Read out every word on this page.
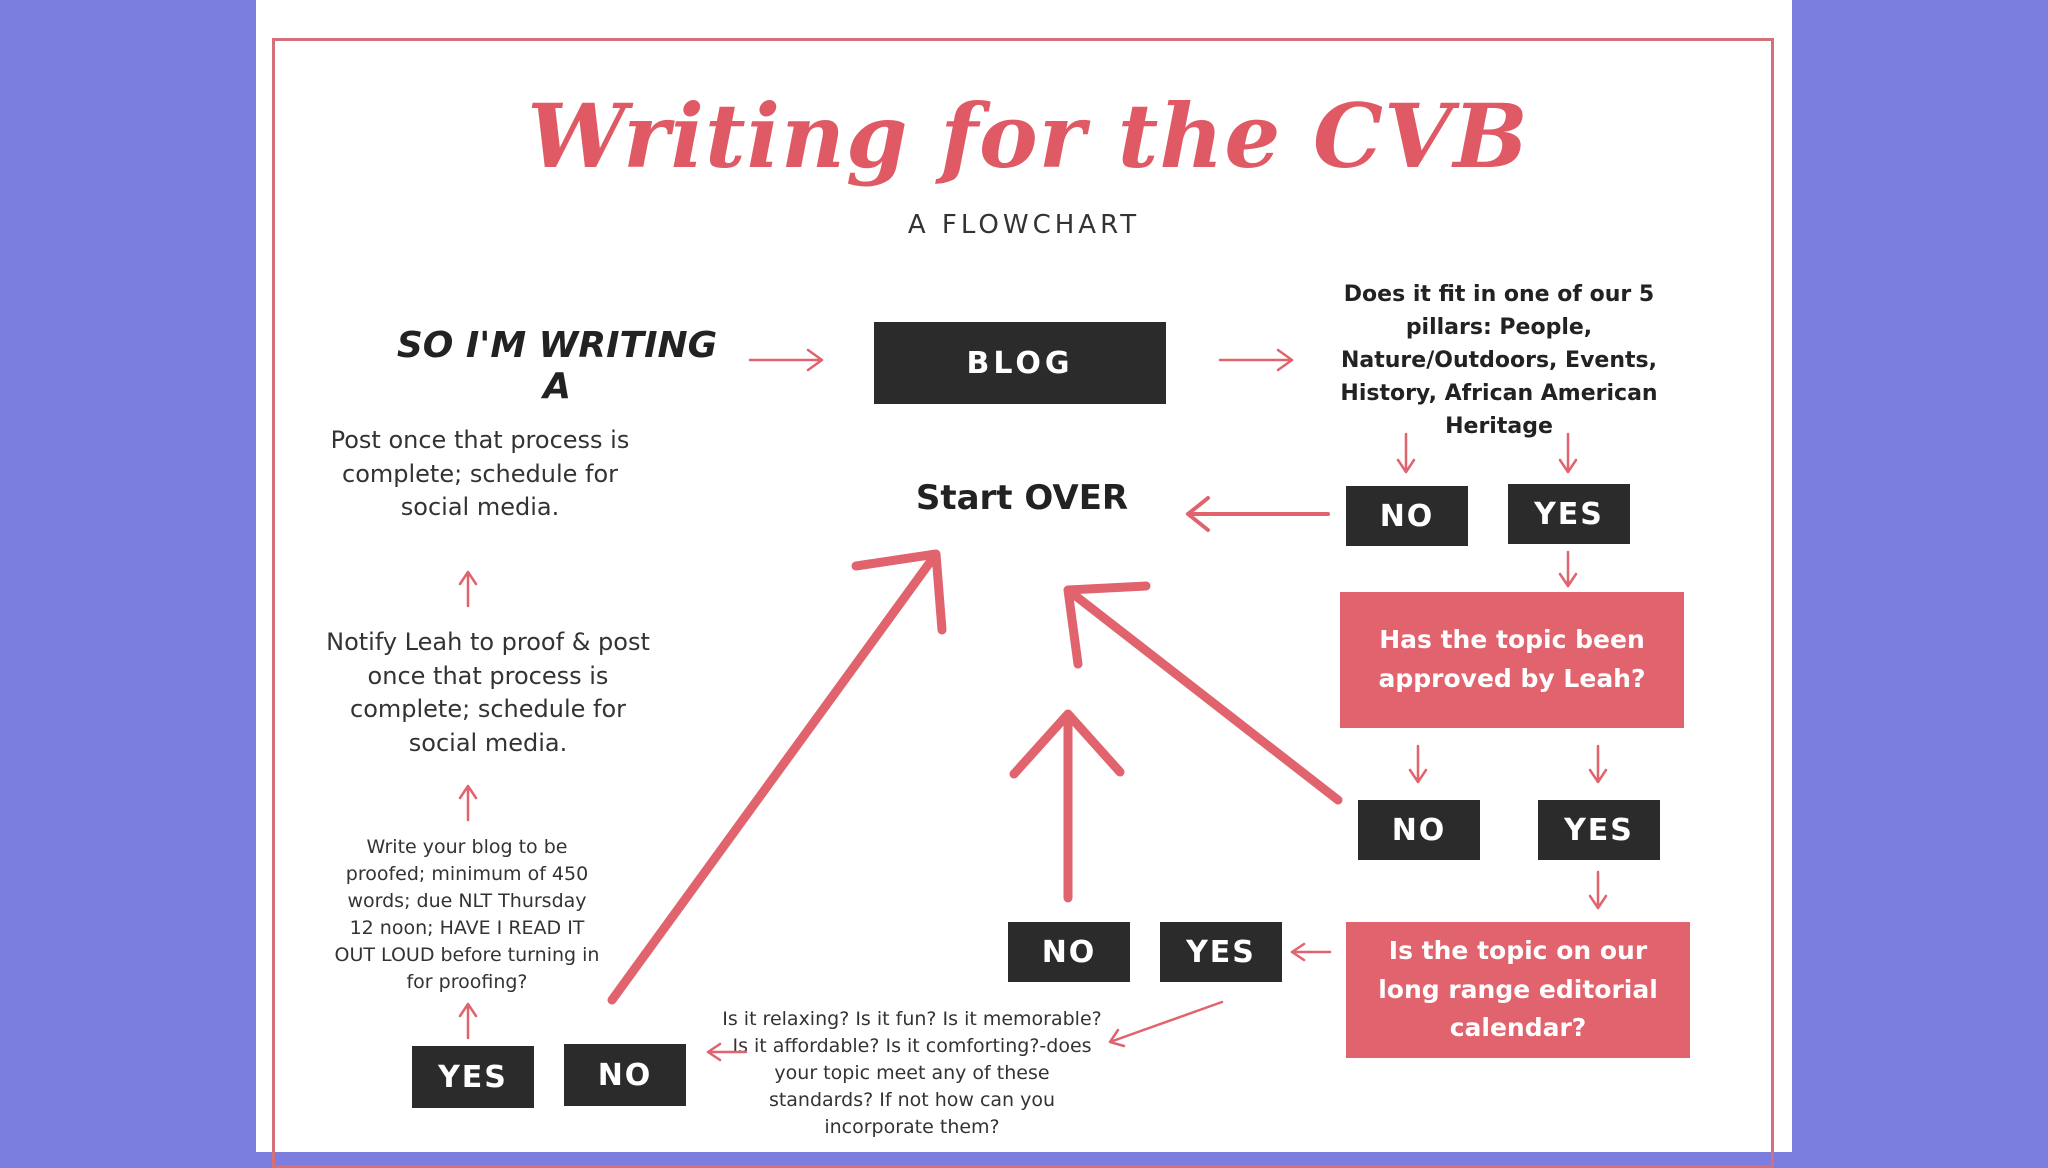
Writing for the CVB
A FLOWCHART
SO I'M WRITING A
BLOG
Does it fit in one of our 5 pillars: People, Nature/Outdoors, Events, History, African American Heritage
Start OVER	NO	YES
Has the topic been approved by Leah?
NO	YES
Is the topic on our long range editorial calendar?
NO	YES
Is it relaxing? Is it fun? Is it memorable? Is it affordable? Is it comforting?-does your topic meet any of these standards? If not how can you incorporate them?
YES	NO
Write your blog to be proofed; minimum of 450 words; due NLT Thursday 12 noon; HAVE I READ IT OUT LOUD before turning in for proofing?
Notify Leah to proof & post once that process is complete; schedule for social media.
Post once that process is complete; schedule for social media.
